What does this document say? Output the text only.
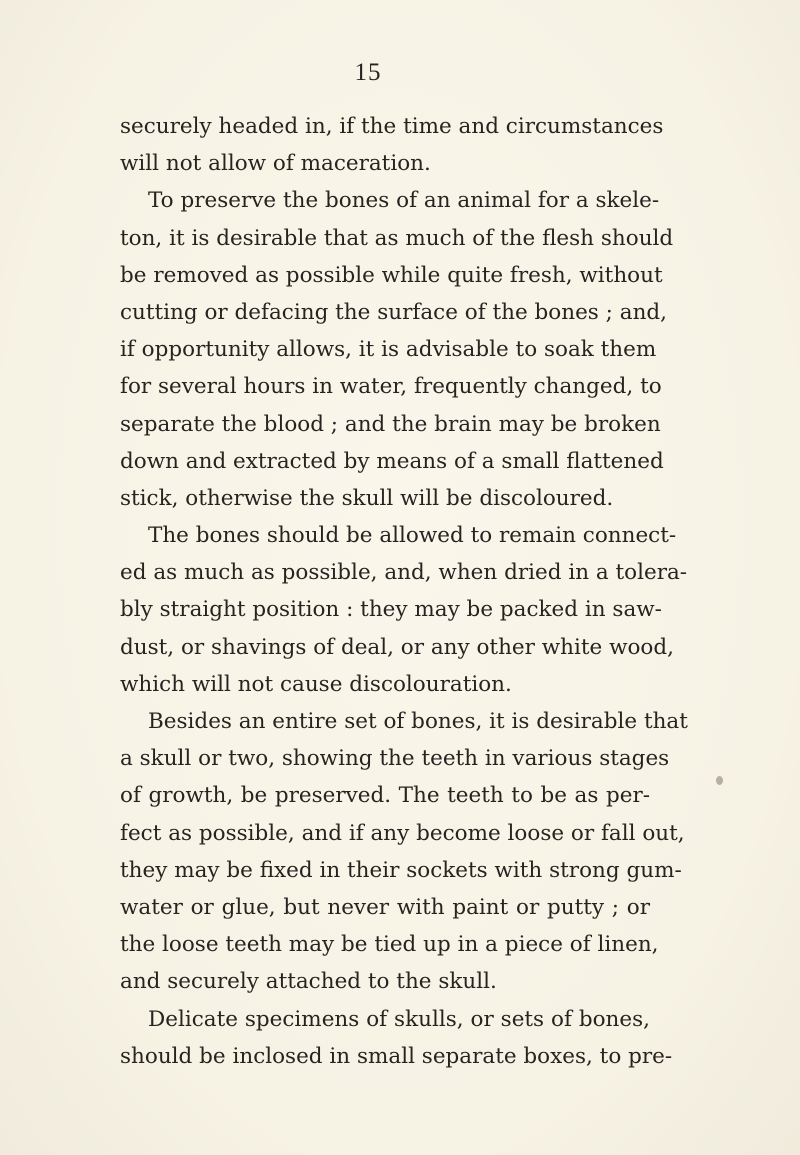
15
securely headed in, if the time and circumstances
will not allow of maceration.
To preserve the bones of an animal for a skele-
ton, it is desirable that as much of the flesh should
be removed as possible while quite fresh, without
cutting or defacing the surface of the bones ; and,
if opportunity allows, it is advisable to soak them
for several hours in water, frequently changed, to
separate the blood ; and the brain may be broken
down and extracted by means of a small flattened
stick, otherwise the skull will be discoloured.
The bones should be allowed to remain connect-
ed as much as possible, and, when dried in a tolera-
bly straight position : they may be packed in saw-
dust, or shavings of deal, or any other white wood,
which will not cause discolouration.
Besides an entire set of bones, it is desirable that
a skull or two, showing the teeth in various stages
of growth, be preserved. The teeth to be as per-
fect as possible, and if any become loose or fall out,
they may be fixed in their sockets with strong gum-
water or glue, but never with paint or putty ; or
the loose teeth may be tied up in a piece of linen,
and securely attached to the skull.
Delicate specimens of skulls, or sets of bones,
should be inclosed in small separate boxes, to pre-
